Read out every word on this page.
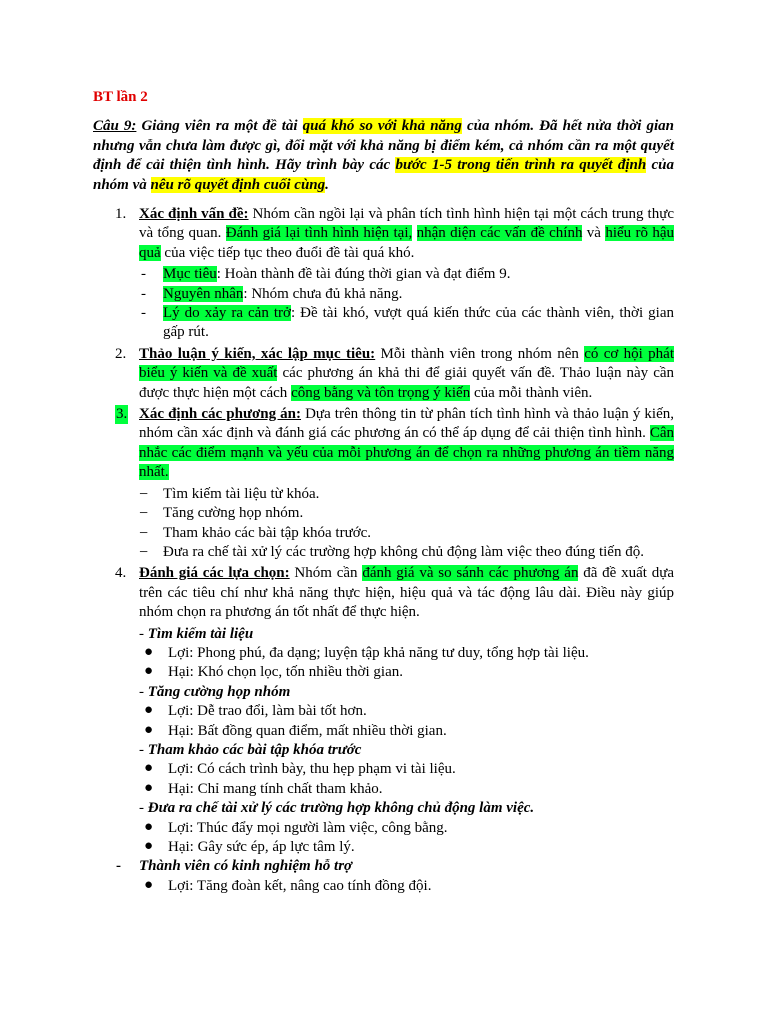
BT lần 2
Câu 9: Giảng viên ra một đề tài quá khó so với khả năng của nhóm. Đã hết nửa thời gian nhưng vẫn chưa làm được gì, đối mặt với khả năng bị điểm kém, cả nhóm cần ra một quyết định để cải thiện tình hình. Hãy trình bày các bước 1-5 trong tiến trình ra quyết định của nhóm và nêu rõ quyết định cuối cùng.
1. Xác định vấn đề: Nhóm cần ngồi lại và phân tích tình hình hiện tại một cách trung thực và tổng quan. Đánh giá lại tình hình hiện tại, nhận diện các vấn đề chính và hiểu rõ hậu quả của việc tiếp tục theo đuổi đề tài quá khó.
- Mục tiêu: Hoàn thành đề tài đúng thời gian và đạt điểm 9.
- Nguyên nhân: Nhóm chưa đủ khả năng.
- Lý do xảy ra cản trở: Đề tài khó, vượt quá kiến thức của các thành viên, thời gian gấp rút.
2. Thảo luận ý kiến, xác lập mục tiêu: Mỗi thành viên trong nhóm nên có cơ hội phát biểu ý kiến và đề xuất các phương án khả thi để giải quyết vấn đề. Thảo luận này cần được thực hiện một cách công bằng và tôn trọng ý kiến của mỗi thành viên.
3. Xác định các phương án: Dựa trên thông tin từ phân tích tình hình và thảo luận ý kiến, nhóm cần xác định và đánh giá các phương án có thể áp dụng để cải thiện tình hình. Cân nhắc các điểm mạnh và yếu của mỗi phương án để chọn ra những phương án tiềm năng nhất.
− Tìm kiếm tài liệu từ khóa.
− Tăng cường họp nhóm.
− Tham khảo các bài tập khóa trước.
− Đưa ra chế tài xử lý các trường hợp không chủ động làm việc theo đúng tiến độ.
4. Đánh giá các lựa chọn: Nhóm cần đánh giá và so sánh các phương án đã đề xuất dựa trên các tiêu chí như khả năng thực hiện, hiệu quả và tác động lâu dài. Điều này giúp nhóm chọn ra phương án tốt nhất để thực hiện.
- Tìm kiếm tài liệu
● Lợi: Phong phú, đa dạng; luyện tập khả năng tư duy, tổng hợp tài liệu.
● Hại: Khó chọn lọc, tốn nhiều thời gian.
- Tăng cường họp nhóm
● Lợi: Dễ trao đổi, làm bài tốt hơn.
● Hại: Bất đồng quan điểm, mất nhiều thời gian.
- Tham khảo các bài tập khóa trước
● Lợi: Có cách trình bày, thu hẹp phạm vi tài liệu.
● Hại: Chỉ mang tính chất tham khảo.
- Đưa ra chế tài xử lý các trường hợp không chủ động làm việc.
● Lợi: Thúc đẩy mọi người làm việc, công bằng.
● Hại: Gây sức ép, áp lực tâm lý.
- Thành viên có kinh nghiệm hỗ trợ
● Lợi: Tăng đoàn kết, nâng cao tính đồng đội.
